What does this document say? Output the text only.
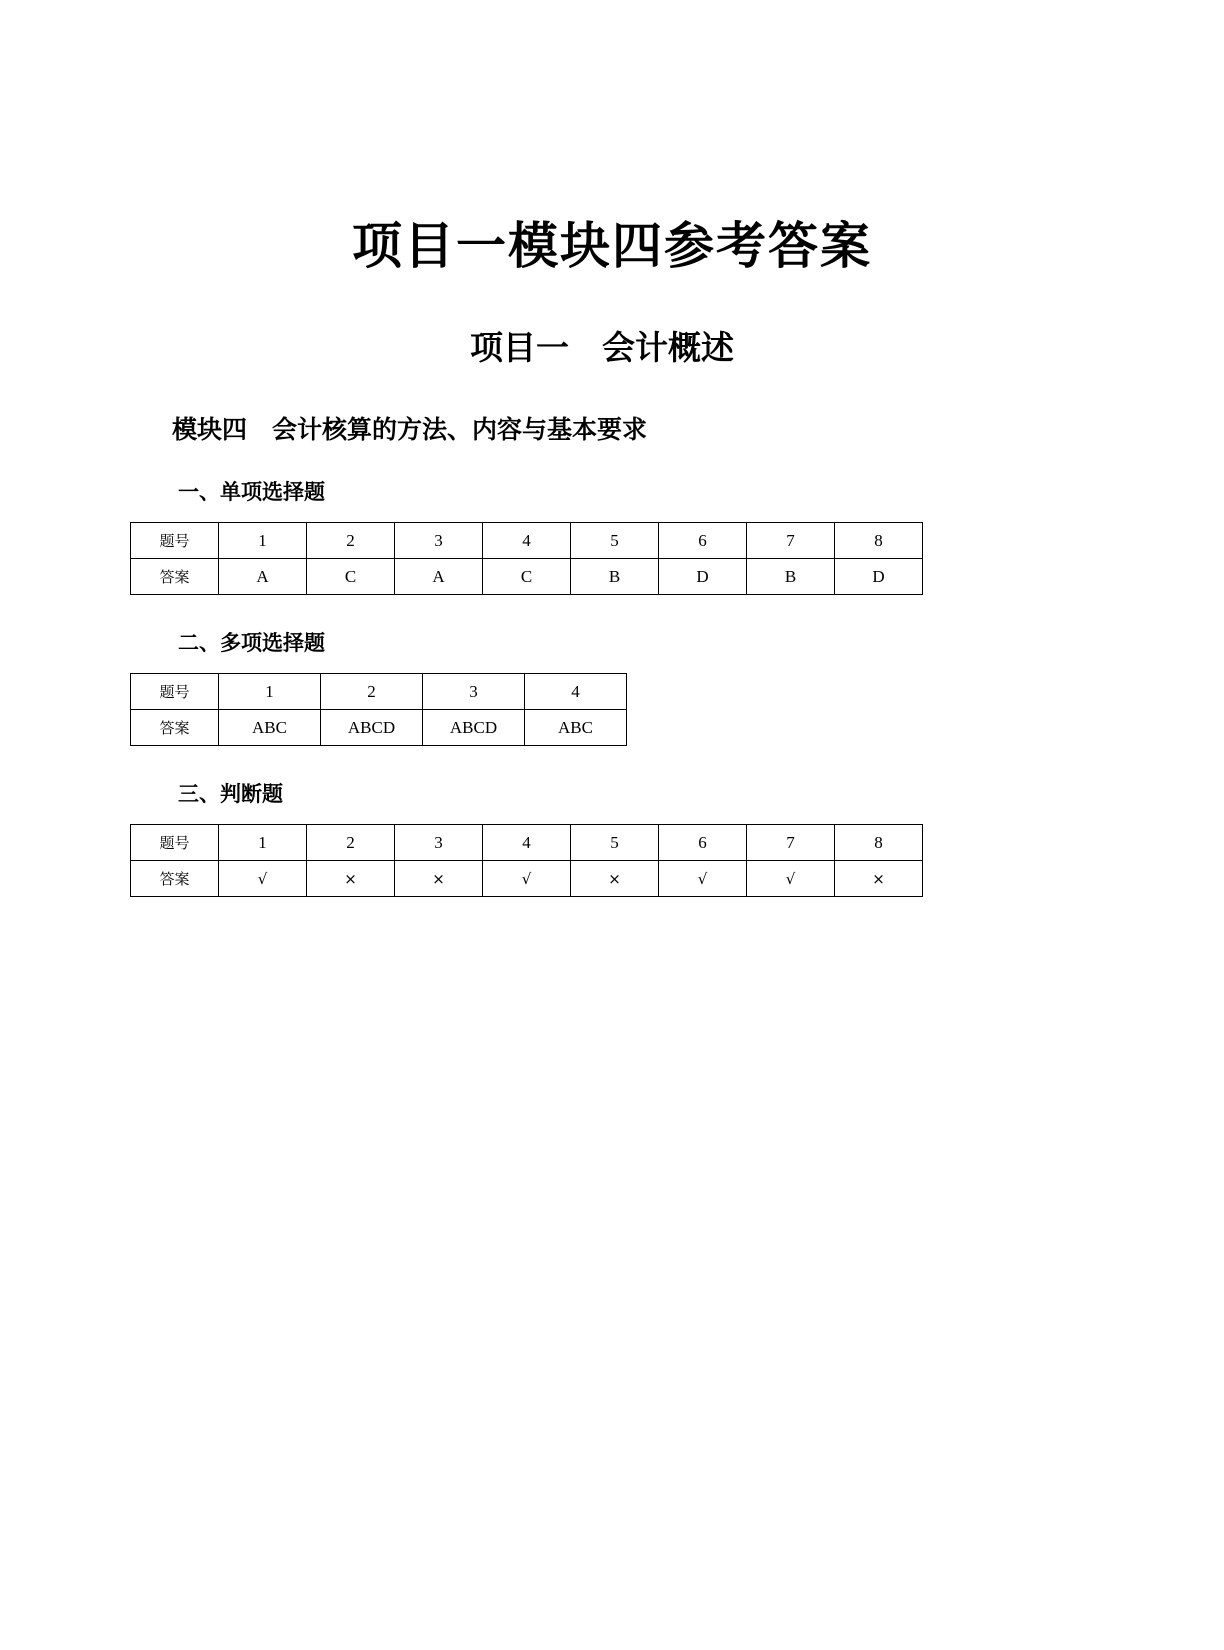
项目一模块四参考答案
项目一　会计概述
模块四　会计核算的方法、内容与基本要求
一、单项选择题
题号	1	2	3	4	5	6	7	8
答案	A	C	A	C	B	D	B	D
二、多项选择题
题号	1	2	3	4
答案	ABC	ABCD	ABCD	ABC
三、判断题
题号	1	2	3	4	5	6	7	8
答案	√	×	×	√	×	√	√	×
